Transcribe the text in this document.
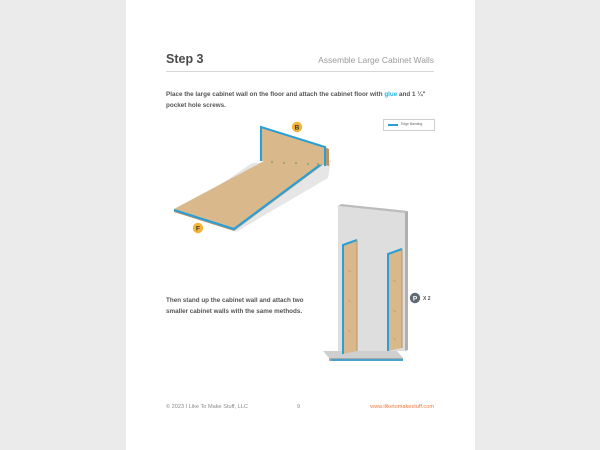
Step 3	Assemble Large Cabinet Walls
Place the large cabinet wall on the floor and attach the cabinet floor with glue and 1 ¼" pocket hole screws.
Edge Banding
B
F
P X 2
Then stand up the cabinet wall and attach two smaller cabinet walls with the same methods.
© 2023 I Like To Make Stuff, LLC	9	www.iliketomakestuff.com
